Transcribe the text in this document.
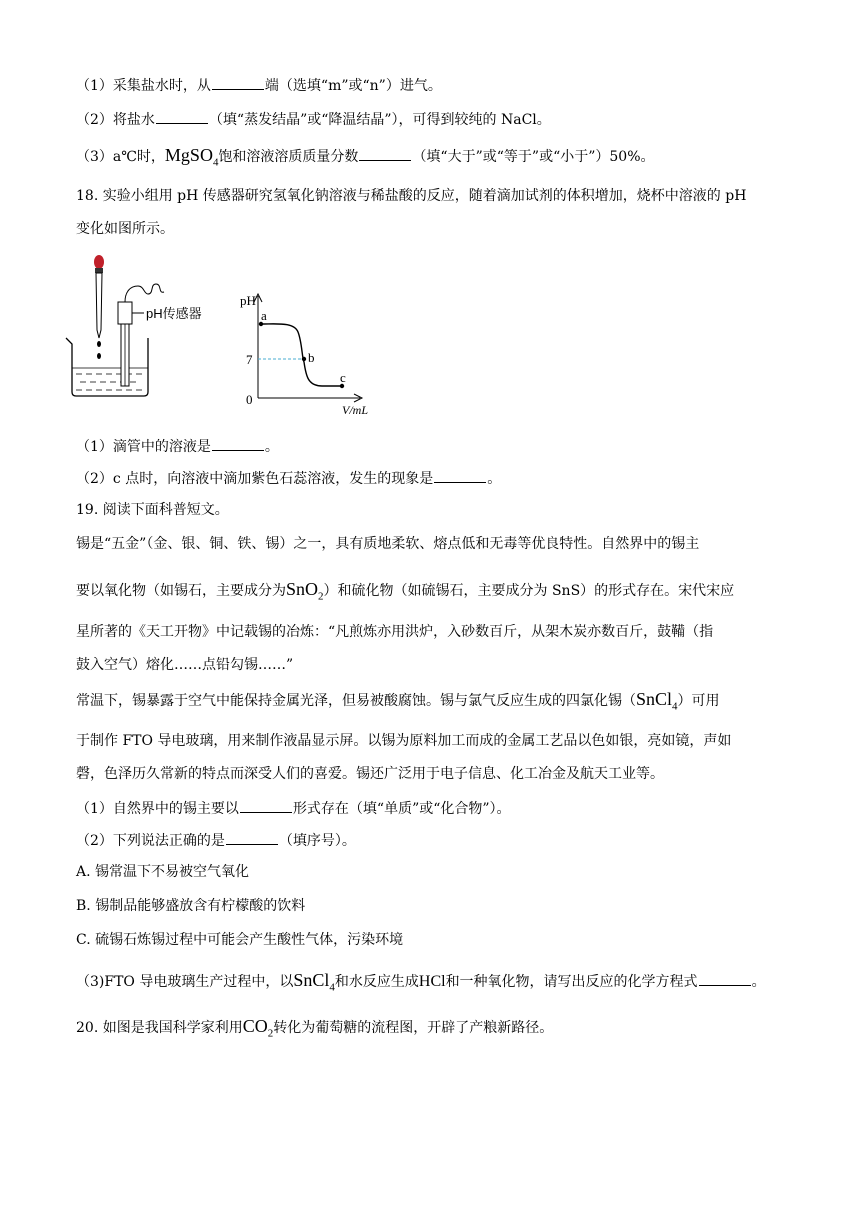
（1）采集盐水时，从	端（选填“m”或“n”）进气。
（2）将盐水	（填“蒸发结晶”或“降温结晶”），可得到较纯的 NaCl。
（3）a℃时，MgSO$_4$饱和溶液溶质质量分数	（填“大于”或“等于”或“小于”）50%。
18. 实验小组用 pH 传感器研究氢氧化钠溶液与稀盐酸的反应，随着滴加试剂的体积增加，烧杯中溶液的 pH
变化如图所示。
pH传感器
pH
7
0
a
b
c
V/mL
（1）滴管中的溶液是	。
（2）c 点时，向溶液中滴加紫色石蕊溶液，发生的现象是	。
19. 阅读下面科普短文。
锡是“五金”（金、银、铜、铁、锡）之一，具有质地柔软、熔点低和无毒等优良特性。自然界中的锡主
要以氧化物（如锡石，主要成分为SnO$_2$）和硫化物（如硫锡石，主要成分为 SnS）的形式存在。宋代宋应
星所著的《天工开物》中记载锡的冶炼：“凡煎炼亦用洪炉，入砂数百斤，从架木炭亦数百斤，鼓鞴（指
鼓入空气）熔化……点铅勾锡……”
常温下，锡暴露于空气中能保持金属光泽，但易被酸腐蚀。锡与氯气反应生成的四氯化锡（SnCl$_4$）可用
于制作 FTO 导电玻璃，用来制作液晶显示屏。以锡为原料加工而成的金属工艺品以色如银，亮如镜，声如
磬，色泽历久常新的特点而深受人们的喜爱。锡还广泛用于电子信息、化工冶金及航天工业等。
（1）自然界中的锡主要以	形式存在（填“单质”或“化合物”）。
（2）下列说法正确的是	（填序号）。
A. 锡常温下不易被空气氧化
B. 锡制品能够盛放含有柠檬酸的饮料
C. 硫锡石炼锡过程中可能会产生酸性气体，污染环境
（3)FTO 导电玻璃生产过程中，以SnCl$_4$和水反应生成HCl和一种氧化物，请写出反应的化学方程式	。
20. 如图是我国科学家利用$CO_2$转化为葡萄糖的流程图，开辟了产粮新路径。
